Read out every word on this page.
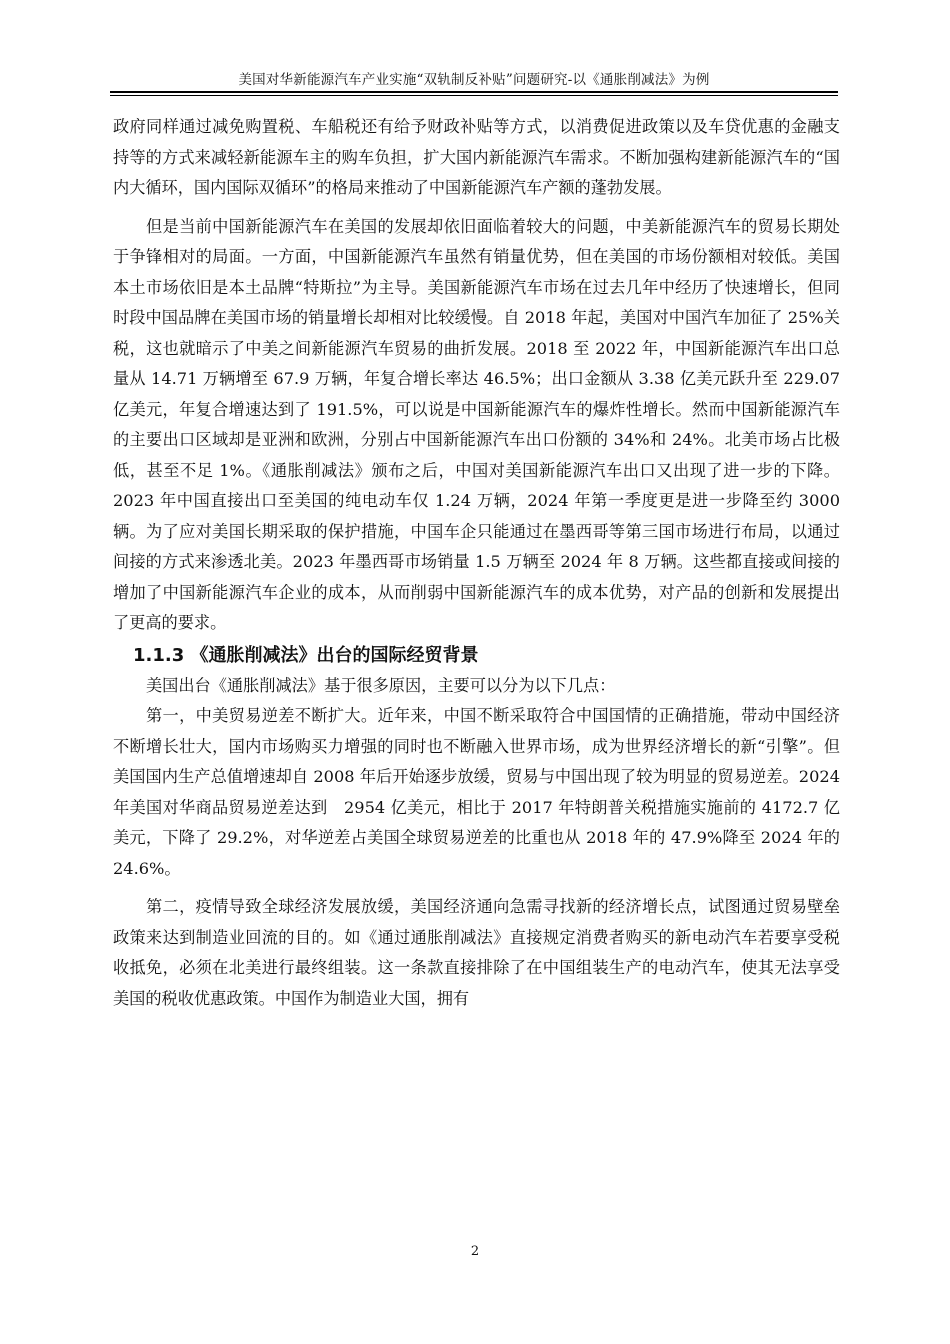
美国对华新能源汽车产业实施“双轨制反补贴”问题研究-以《通胀削减法》为例

政府同样通过减免购置税、车船税还有给予财政补贴等方式，以消费促进政策以及车贷优惠的金融支持等的方式来减轻新能源车主的购车负担，扩大国内新能源汽车需求。不断加强构建新能源汽车的“国内大循环，国内国际双循环”的格局来推动了中国新能源汽车产额的蓬勃发展。

但是当前中国新能源汽车在美国的发展却依旧面临着较大的问题，中美新能源汽车的贸易长期处于争锋相对的局面。一方面，中国新能源汽车虽然有销量优势，但在美国的市场份额相对较低。美国本土市场依旧是本土品牌“特斯拉”为主导。美国新能源汽车市场在过去几年中经历了快速增长，但同时段中国品牌在美国市场的销量增长却相对比较缓慢。自 2018 年起，美国对中国汽车加征了 25%关税，这也就暗示了中美之间新能源汽车贸易的曲折发展。2018 至 2022 年，中国新能源汽车出口总量从 14.71 万辆增至 67.9 万辆，年复合增长率达 46.5%；出口金额从 3.38 亿美元跃升至 229.07 亿美元，年复合增速达到了 191.5%，可以说是中国新能源汽车的爆炸性增长。然而中国新能源汽车的主要出口区域却是亚洲和欧洲，分别占中国新能源汽车出口份额的 34%和 24%。北美市场占比极低，甚至不足 1%。《通胀削减法》颁布之后，中国对美国新能源汽车出口又出现了进一步的下降。2023 年中国直接出口至美国的纯电动车仅 1.24 万辆，2024 年第一季度更是进一步降至约 3000 辆。为了应对美国长期采取的保护措施，中国车企只能通过在墨西哥等第三国市场进行布局，以通过间接的方式来渗透北美。2023 年墨西哥市场销量 1.5 万辆至 2024 年 8 万辆。这些都直接或间接的增加了中国新能源汽车企业的成本，从而削弱中国新能源汽车的成本优势，对产品的创新和发展提出了更高的要求。

1.1.3 《通胀削减法》出台的国际经贸背景

美国出台《通胀削减法》基于很多原因，主要可以分为以下几点：

第一，中美贸易逆差不断扩大。近年来，中国不断采取符合中国国情的正确措施，带动中国经济不断增长壮大，国内市场购买力增强的同时也不断融入世界市场，成为世界经济增长的新“引擎”。但美国国内生产总值增速却自 2008 年后开始逐步放缓，贸易与中国出现了较为明显的贸易逆差。2024 年美国对华商品贸易逆差达到　2954 亿美元，相比于 2017 年特朗普关税措施实施前的 4172.7 亿美元，下降了 29.2%，对华逆差占美国全球贸易逆差的比重也从 2018 年的 47.9%降至 2024 年的 24.6%。

第二，疫情导致全球经济发展放缓，美国经济通向急需寻找新的经济增长点，试图通过贸易壁垒政策来达到制造业回流的目的。如《通过通胀削减法》直接规定消费者购买的新电动汽车若要享受税收抵免，必须在北美进行最终组装。这一条款直接排除了在中国组装生产的电动汽车，使其无法享受美国的税收优惠政策。中国作为制造业大国，拥有

2
